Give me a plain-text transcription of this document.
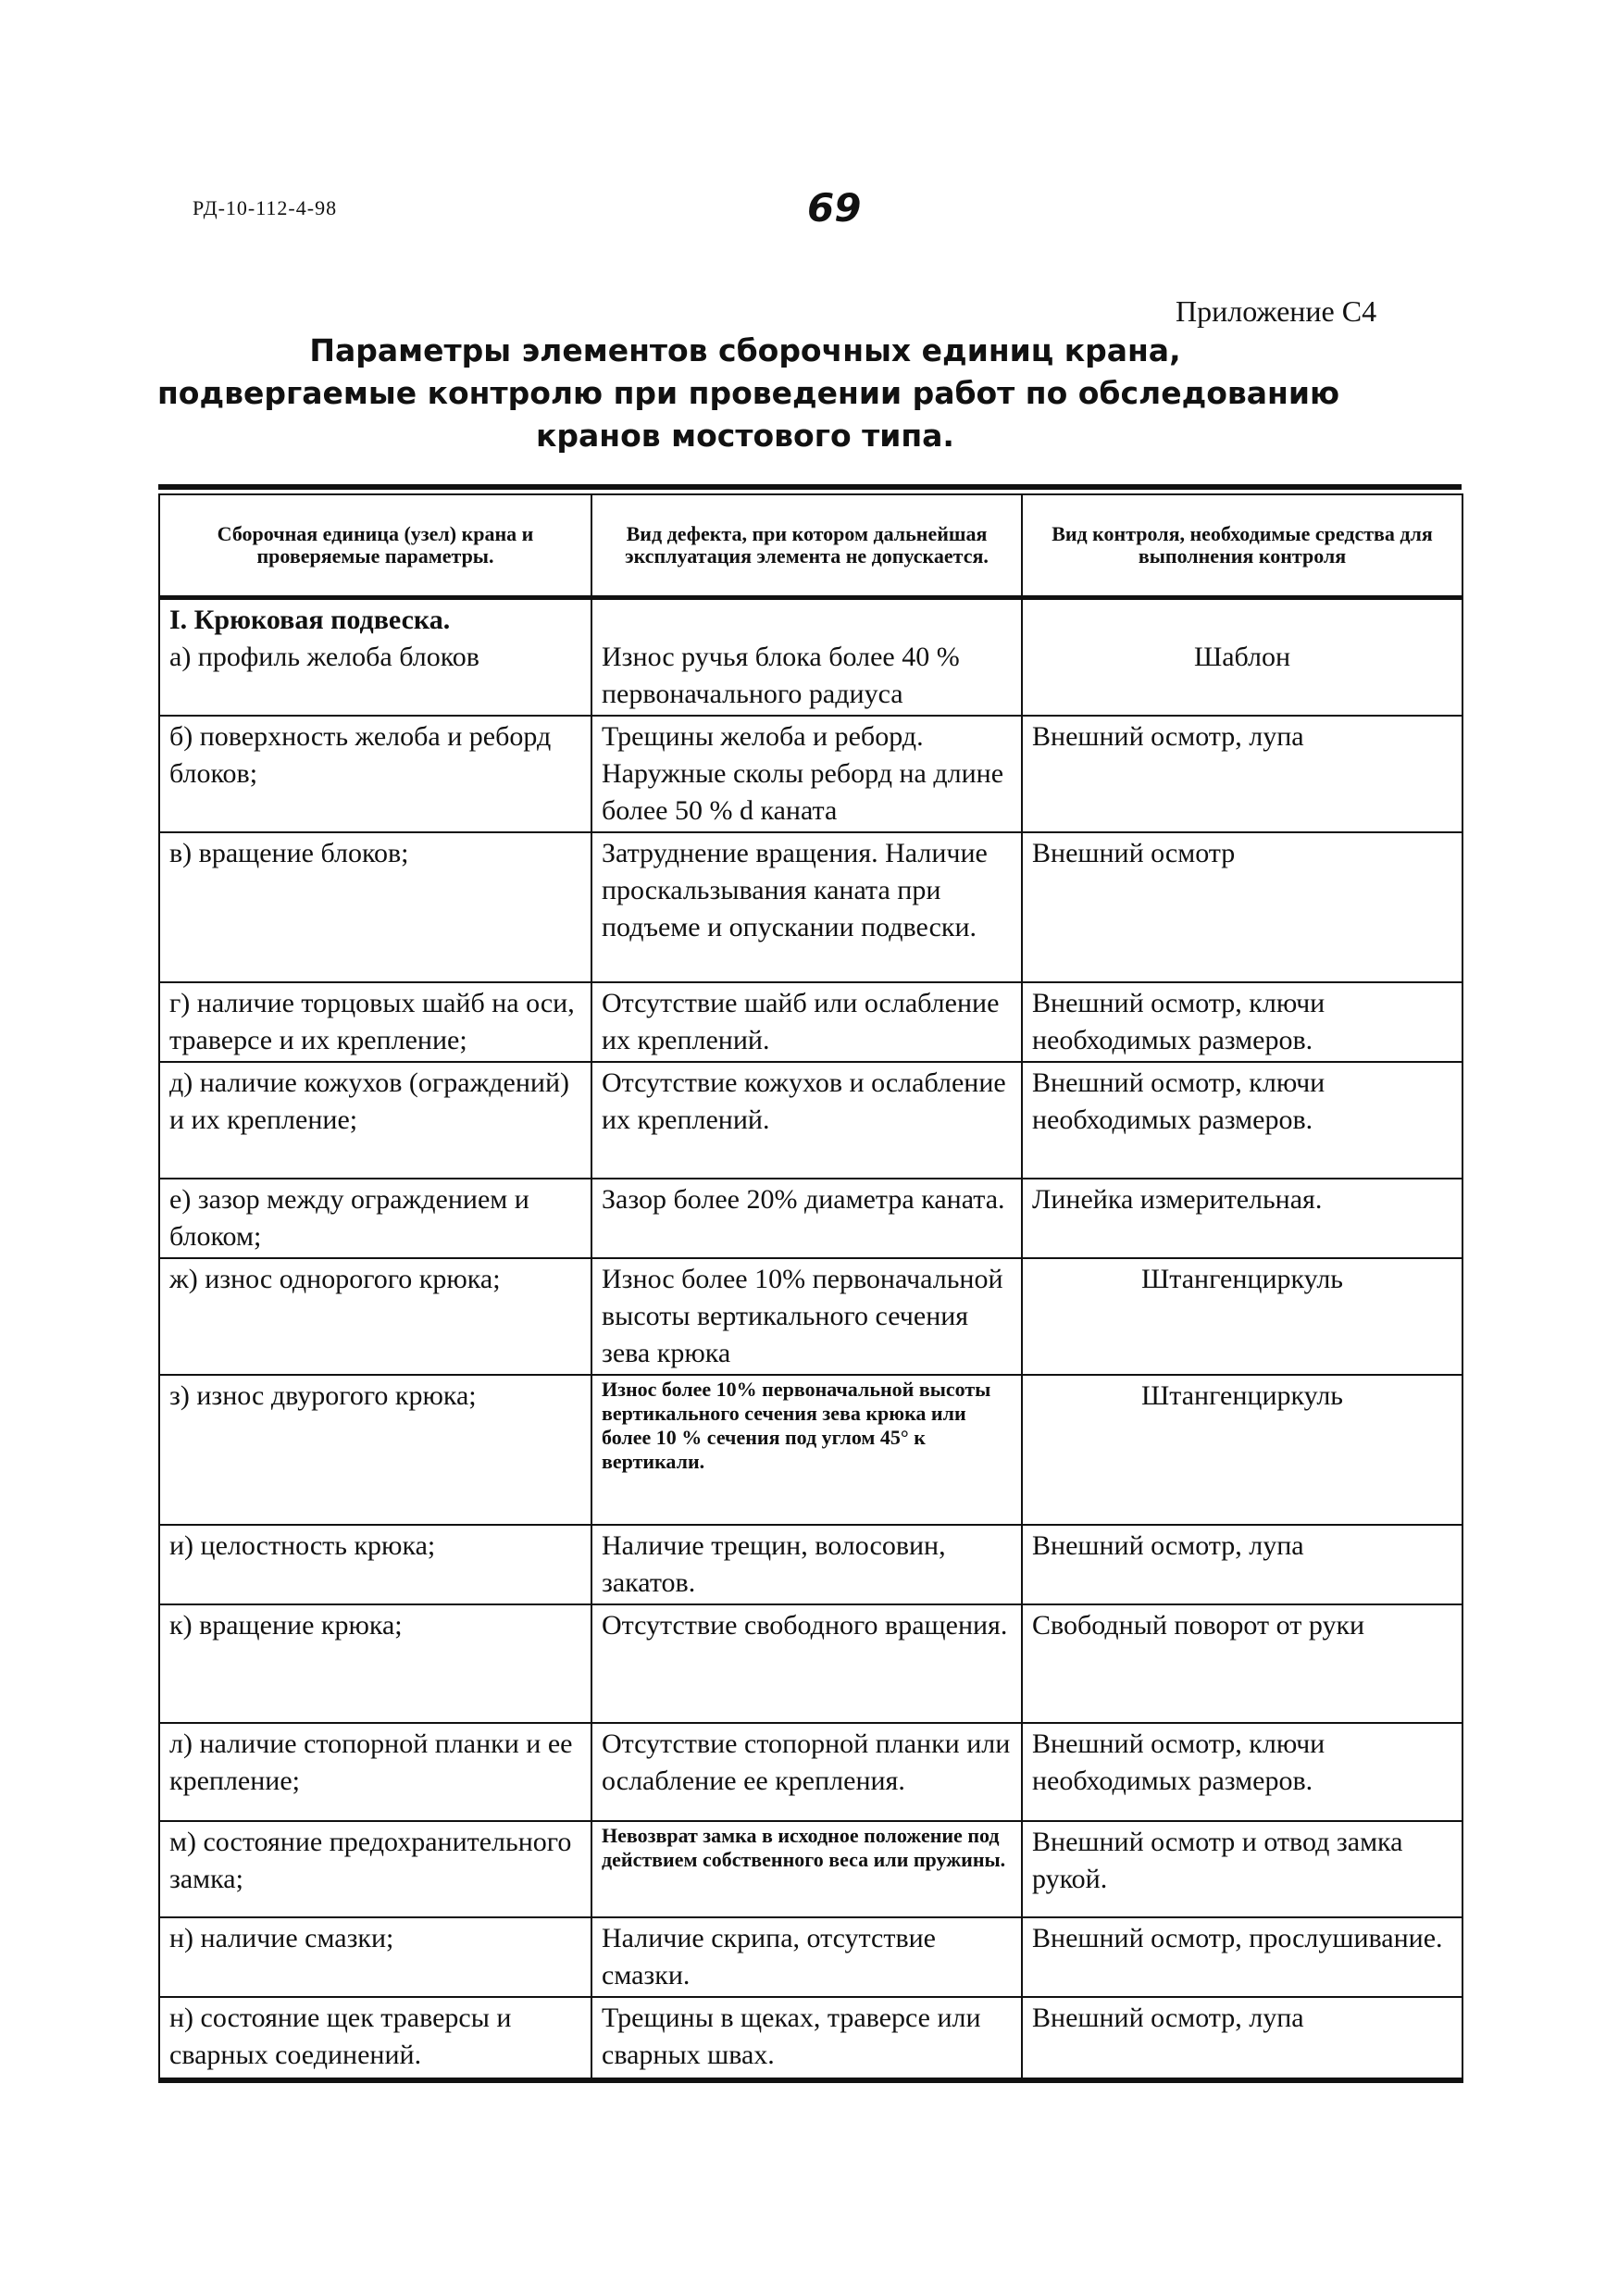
РД-10-112-4-98	69
Приложение С4
Параметры элементов сборочных единиц крана,
подвергаемые контролю при проведении работ по обследованию
кранов мостового типа.
Сборочная единица (узел) крана и проверяемые параметры.	Вид дефекта, при котором дальнейшая эксплуатация элемента не допускается.	Вид контроля, необходимые средства для выполнения контроля

I. Крюковая подвеска.
а) профиль желоба блоков	Износ ручья блока более 40 % первоначального радиуса	Шаблон
б) поверхность желоба и реборд блоков;	Трещины желоба и реборд. Наружные сколы реборд на длине более 50 % d каната	Внешний осмотр, лупа
в) вращение блоков;	Затруднение вращения. Наличие проскальзывания каната при подъеме и опускании подвески.	Внешний осмотр
г) наличие торцовых шайб на оси, траверсе и их крепление;	Отсутствие шайб или ослабление их креплений.	Внешний осмотр, ключи необходимых размеров.
д) наличие кожухов (ограждений) и их крепление;	Отсутствие кожухов и ослабление их креплений.	Внешний осмотр, ключи необходимых размеров.
е) зазор между ограждением и блоком;	Зазор более 20% диаметра каната.	Линейка измерительная.
ж) износ однорогого крюка;	Износ более 10% первоначальной высоты вертикального сечения зева крюка	Штангенциркуль
з) износ двурогого крюка;	Износ более 10% первоначальной высоты вертикального сечения зева крюка или более 10 % сечения под углом 45° к вертикали.	Штангенциркуль
и) целостность крюка;	Наличие трещин, волосовин, закатов.	Внешний осмотр, лупа
к) вращение крюка;	Отсутствие свободного вращения.	Свободный поворот от руки
л) наличие стопорной планки и ее крепление;	Отсутствие стопорной планки или ослабление ее крепления.	Внешний осмотр, ключи необходимых размеров.
м) состояние предохранительного замка;	Невозврат замка в исходное положение под действием собственного веса или пружины.	Внешний осмотр и отвод замка рукой.
н) наличие смазки;	Наличие скрипа, отсутствие смазки.	Внешний осмотр, прослушивание.
н) состояние щек траверсы и сварных соединений.	Трещины в щеках, траверсе или сварных швах.	Внешний осмотр, лупа
